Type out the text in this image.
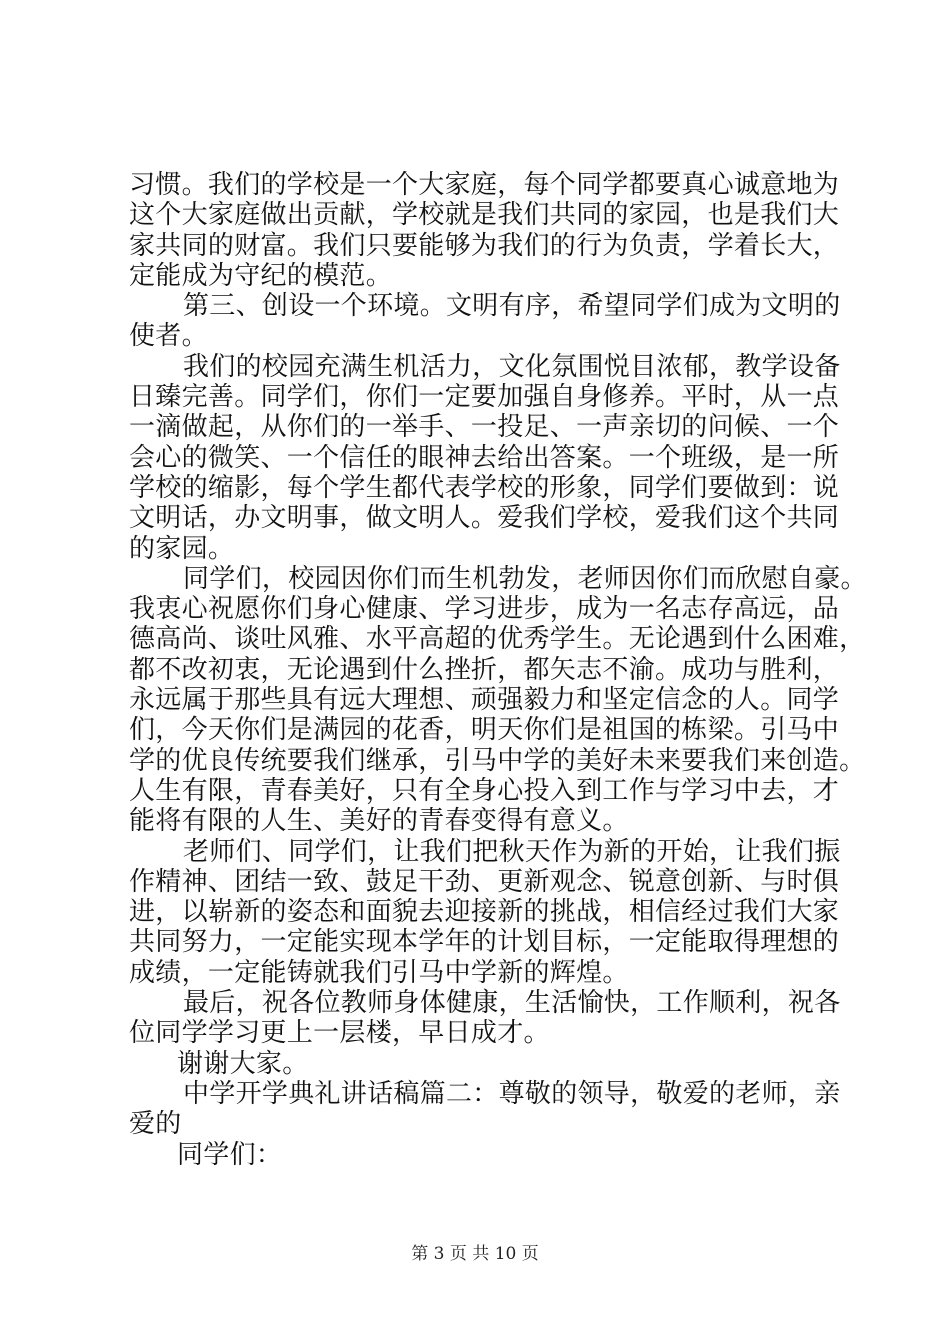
习惯。我们的学校是一个大家庭，每个同学都要真心诚意地为
这个大家庭做出贡献，学校就是我们共同的家园，也是我们大
家共同的财富。我们只要能够为我们的行为负责，学着长大，
定能成为守纪的模范。
第三、创设一个环境。文明有序，希望同学们成为文明的
使者。
我们的校园充满生机活力，文化氛围悦目浓郁，教学设备
日臻完善。同学们，你们一定要加强自身修养。平时，从一点
一滴做起，从你们的一举手、一投足、一声亲切的问候、一个
会心的微笑、一个信任的眼神去给出答案。一个班级，是一所
学校的缩影，每个学生都代表学校的形象，同学们要做到：说
文明话，办文明事，做文明人。爱我们学校，爱我们这个共同
的家园。
同学们，校园因你们而生机勃发，老师因你们而欣慰自豪。
我衷心祝愿你们身心健康、学习进步，成为一名志存高远，品
德高尚、谈吐风雅、水平高超的优秀学生。无论遇到什么困难，
都不改初衷，无论遇到什么挫折，都矢志不渝。成功与胜利，
永远属于那些具有远大理想、顽强毅力和坚定信念的人。同学
们，今天你们是满园的花香，明天你们是祖国的栋梁。引马中
学的优良传统要我们继承，引马中学的美好未来要我们来创造。
人生有限，青春美好，只有全身心投入到工作与学习中去，才
能将有限的人生、美好的青春变得有意义。
老师们、同学们，让我们把秋天作为新的开始，让我们振
作精神、团结一致、鼓足干劲、更新观念、锐意创新、与时俱
进，以崭新的姿态和面貌去迎接新的挑战，相信经过我们大家
共同努力，一定能实现本学年的计划目标，一定能取得理想的
成绩，一定能铸就我们引马中学新的辉煌。
最后，祝各位教师身体健康，生活愉快，工作顺利，祝各
位同学学习更上一层楼，早日成才。
谢谢大家。
中学开学典礼讲话稿篇二：尊敬的领导，敬爱的老师，亲
爱的
同学们：
第 3 页 共 10 页
